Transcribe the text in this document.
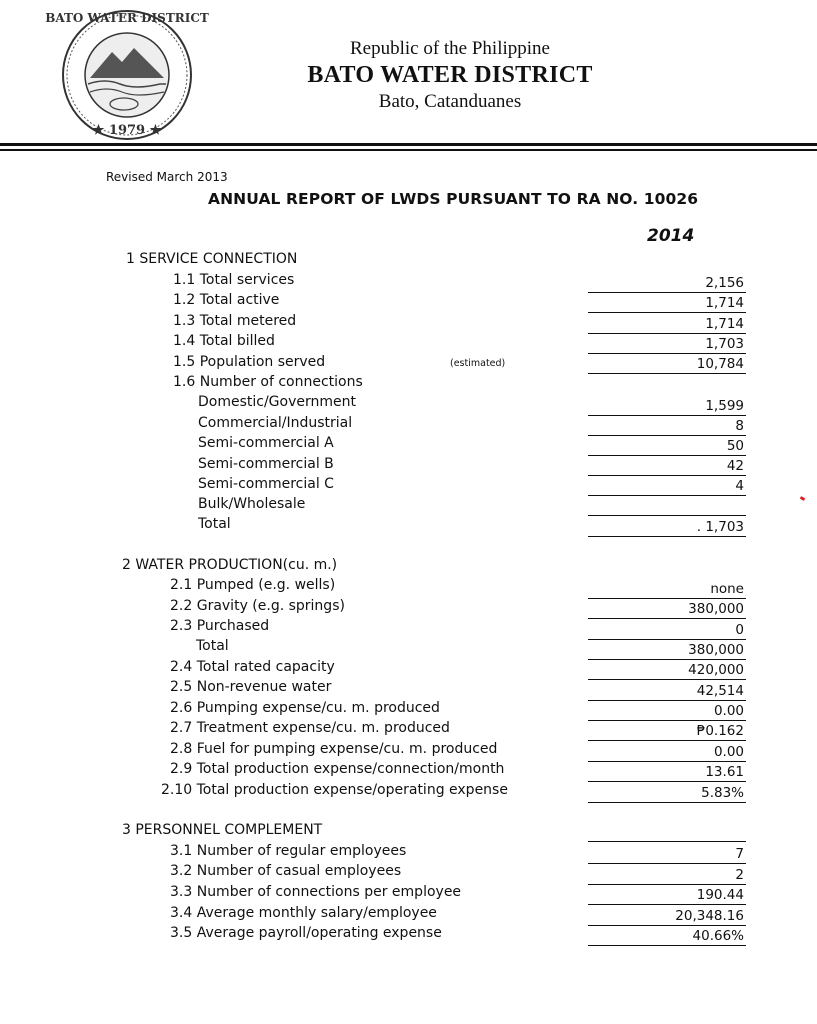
BATO WATER DISTRICT
★ 1979 ★
Republic of the Philippine
BATO WATER DISTRICT
Bato, Catanduanes
Revised March 2013
ANNUAL REPORT OF LWDS PURSUANT TO RA NO. 10026
2014
(estimated)
1 SERVICE CONNECTION
1.1 Total services	2,156
1.2 Total active	1,714
1.3 Total metered	1,714
1.4 Total billed	1,703
1.5 Population served	10,784
1.6 Number of connections
Domestic/Government	1,599
Commercial/Industrial	8
Semi-commercial A	50
Semi-commercial B	42
Semi-commercial C	4
Bulk/Wholesale
Total	. 1,703
2 WATER PRODUCTION(cu. m.)
2.1 Pumped (e.g. wells)	none
2.2 Gravity (e.g. springs)	380,000
2.3 Purchased	0
Total	380,000
2.4 Total rated capacity	420,000
2.5 Non-revenue water	42,514
2.6 Pumping expense/cu. m. produced	0.00
2.7 Treatment expense/cu. m. produced	₱0.162
2.8 Fuel for pumping expense/cu. m. produced	0.00
2.9 Total production expense/connection/month	13.61
2.10 Total production expense/operating expense	5.83%
3 PERSONNEL COMPLEMENT
3.1 Number of regular employees	7
3.2 Number of casual employees	2
3.3 Number of connections per employee	190.44
3.4 Average monthly salary/employee	20,348.16
3.5 Average payroll/operating expense	40.66%
